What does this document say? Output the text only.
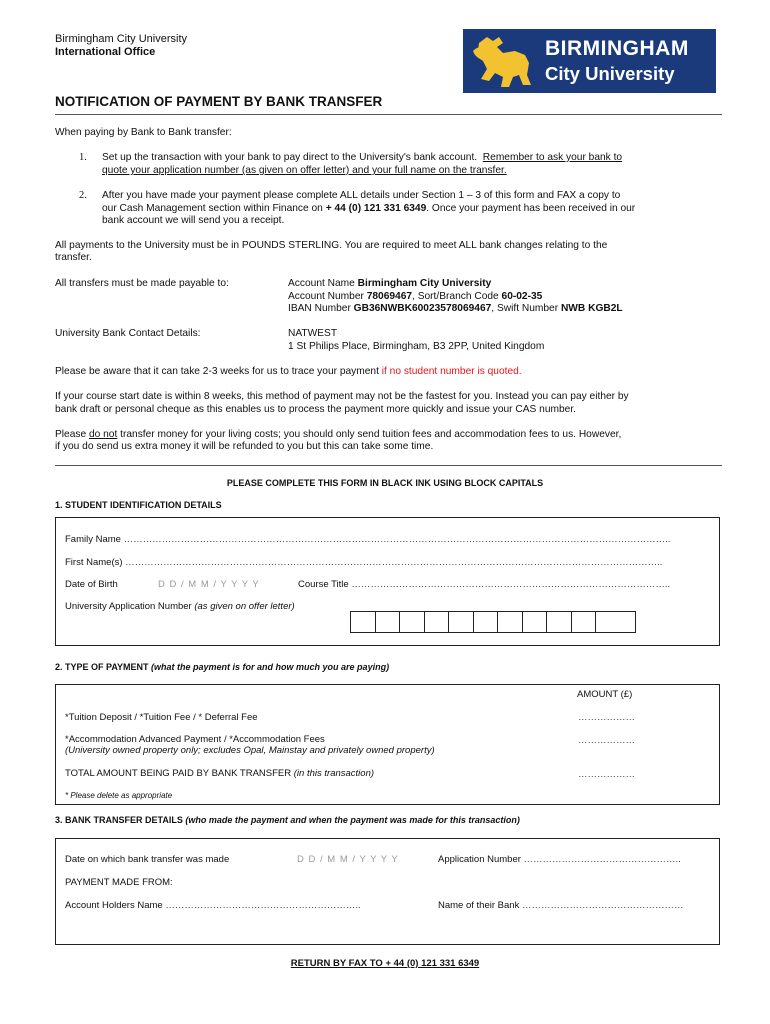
Birmingham City University
International Office	BIRMINGHAM
City University
NOTIFICATION OF PAYMENT BY BANK TRANSFER
When paying by Bank to Bank transfer:
1. Set up the transaction with your bank to pay direct to the University's bank account. Remember to ask your bank to
quote your application number (as given on offer letter) and your full name on the transfer.
2. After you have made your payment please complete ALL details under Section 1 – 3 of this form and FAX a copy to
our Cash Management section within Finance on + 44 (0) 121 331 6349. Once your payment has been received in our
bank account we will send you a receipt.
All payments to the University must be in POUNDS STERLING. You are required to meet ALL bank changes relating to the
transfer.
All transfers must be made payable to:	Account Name Birmingham City University
Account Number 78069467, Sort/Branch Code 60-02-35
IBAN Number GB36NWBK60023578069467, Swift Number NWB KGB2L
University Bank Contact Details:	NATWEST
1 St Philips Place, Birmingham, B3 2PP, United Kingdom
Please be aware that it can take 2-3 weeks for us to trace your payment if no student number is quoted.
If your course start date is within 8 weeks, this method of payment may not be the fastest for you. Instead you can pay either by
bank draft or personal cheque as this enables us to process the payment more quickly and issue your CAS number.
Please do not transfer money for your living costs; you should only send tuition fees and accommodation fees to us. However,
if you do send us extra money it will be refunded to you but this can take some time.
PLEASE COMPLETE THIS FORM IN BLACK INK USING BLOCK CAPITALS
1. STUDENT IDENTIFICATION DETAILS
Family Name ………………………………………………………………………………………………………………………………………………………..
First Name(s) ……………………………………………………………………………………………………………………………………………………..
Date of Birth	D D / M M / Y Y Y Y	Course Title ………………………………………………………………………………………..
University Application Number (as given on offer letter)
2. TYPE OF PAYMENT (what the payment is for and how much you are paying)
AMOUNT (£)
*Tuition Deposit / *Tuition Fee / * Deferral Fee	………………
*Accommodation Advanced Payment / *Accommodation Fees
(University owned property only; excludes Opal, Mainstay and privately owned property)
………………
TOTAL AMOUNT BEING PAID BY BANK TRANSFER (in this transaction)	………………
* Please delete as appropriate
3. BANK TRANSFER DETAILS (who made the payment and when the payment was made for this transaction)
Date on which bank transfer was made	D D / M M / Y Y Y Y	Application Number …………………………………………..
PAYMENT MADE FROM:
Account Holders Name ……………………………………………………..	Name of their Bank ……………………………………………
RETURN BY FAX TO + 44 (0) 121 331 6349
